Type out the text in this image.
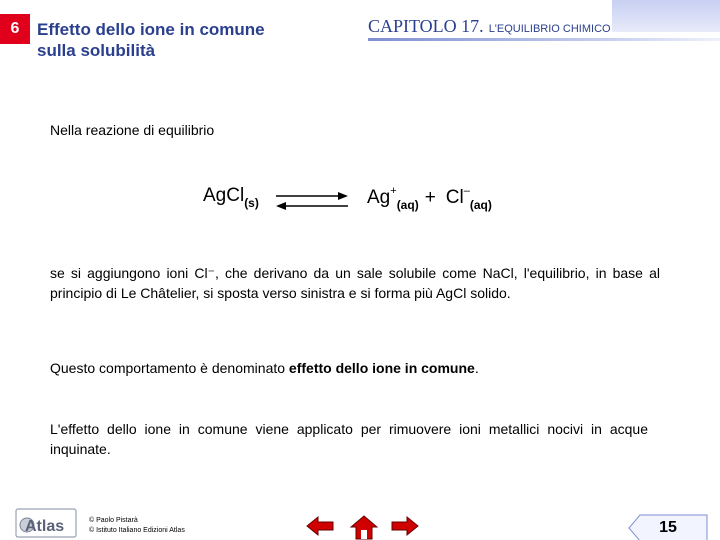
6	Effetto dello ione in comune sulla solubilità
CAPITOLO 17. L'EQUILIBRIO CHIMICO
Nella reazione di equilibrio
AgCl$_{(s)}$ ⇌ $Ag^+_{(aq)} + Cl^-_{(aq)}$
se si aggiungono ioni Cl⁻, che derivano da un sale solubile come NaCl, l'equilibrio, in base al principio di Le Châtelier, si sposta verso sinistra e si forma più AgCl solido.
Questo comportamento è denominato effetto dello ione in comune.
L'effetto dello ione in comune viene applicato per rimuovere ioni metallici nocivi in acque inquinate.
Atlas	© Paolo Pistarà
© Istituto Italiano Edizioni Atlas	15
